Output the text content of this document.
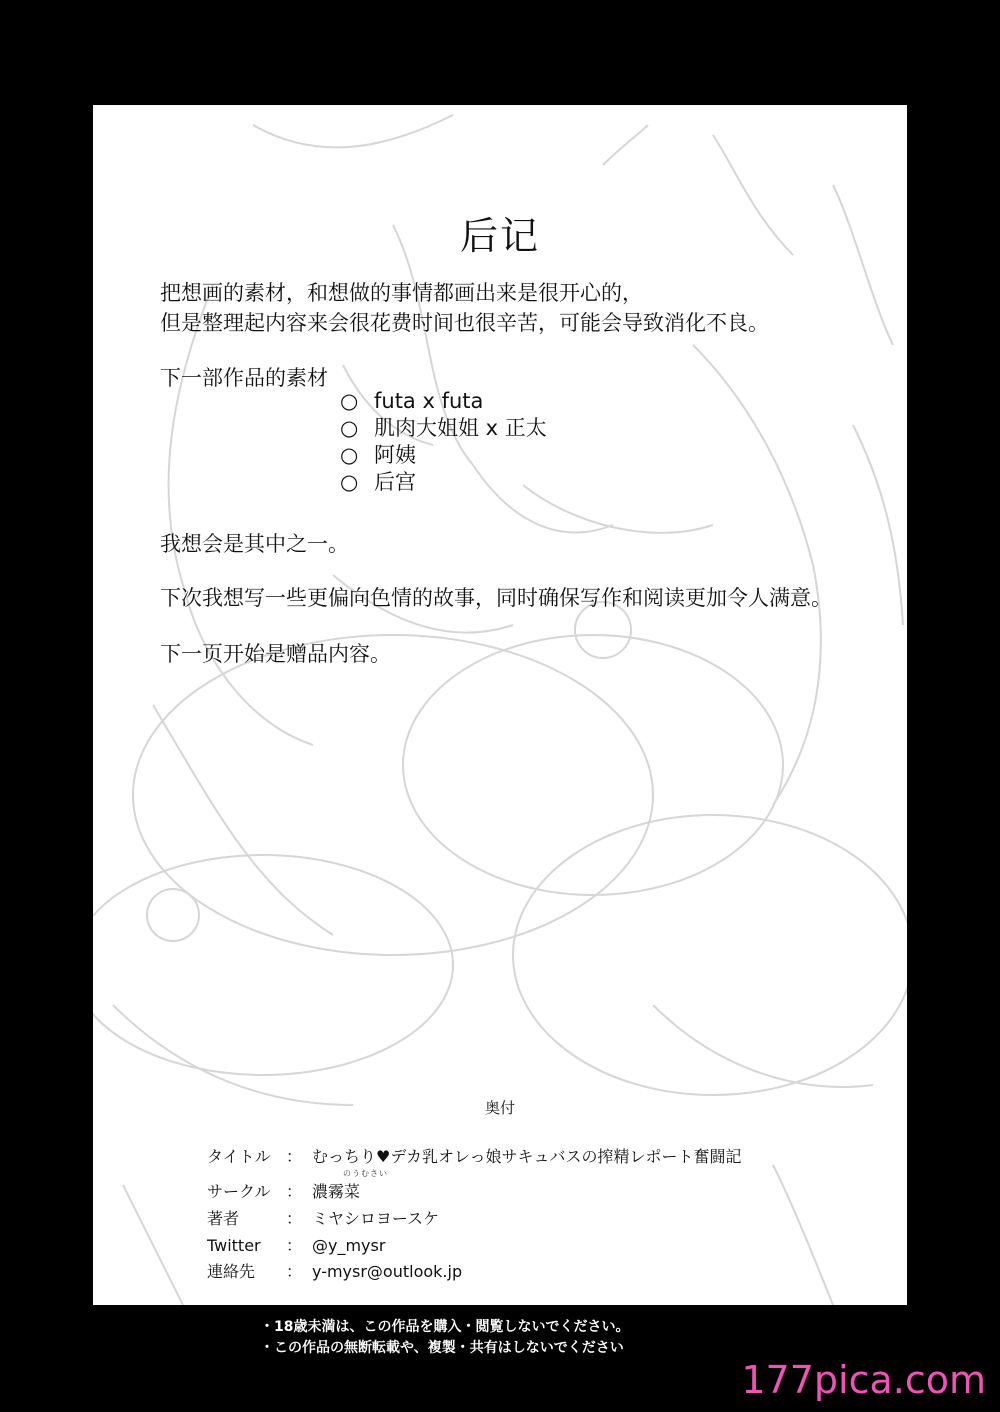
后记
把想画的素材，和想做的事情都画出来是很开心的，
但是整理起内容来会很花费时间也很辛苦，可能会导致消化不良。
下一部作品的素材
○ futa x futa
○ 肌肉大姐姐 x 正太
○ 阿姨
○ 后宫
我想会是其中之一。
下次我想写一些更偏向色情的故事，同时确保写作和阅读更加令人满意。
下一页开始是赠品内容。
奥付
のうむさい
タイトル ： むっちり♥デカ乳オレっ娘サキュバスの搾精レポート奮闘記
サークル ： 濃霧菜
著者	： ミヤシロヨースケ
Twitter ： @y_mysr
連絡先 ： y-mysr@outlook.jp
・18歳未満は、この作品を購入・閲覧しないでください。
・この作品の無断転載や、複製・共有はしないでください
177pica.com
